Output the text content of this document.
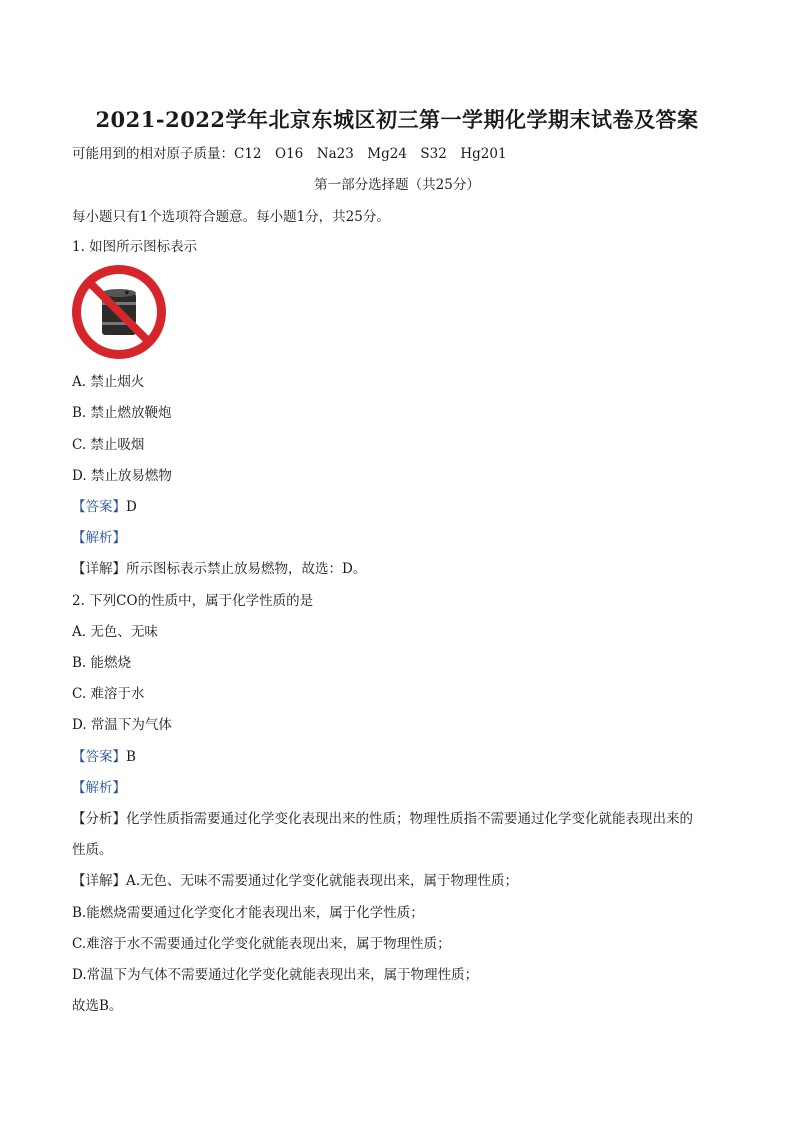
2021-2022学年北京东城区初三第一学期化学期末试卷及答案
可能用到的相对原子质量：C12　O16　Na23　Mg24　S32　Hg201
第一部分选择题（共25分）
每小题只有1个选项符合题意。每小题1分，共25分。
1. 如图所示图标表示
A. 禁止烟火
B. 禁止燃放鞭炮
C. 禁止吸烟
D. 禁止放易燃物
【答案】D
【解析】
【详解】所示图标表示禁止放易燃物，故选：D。
2. 下列CO的性质中，属于化学性质的是
A. 无色、无味
B. 能燃烧
C. 难溶于水
D. 常温下为气体
【答案】B
【解析】
【分析】化学性质指需要通过化学变化表现出来的性质；物理性质指不需要通过化学变化就能表现出来的
性质。
【详解】A.无色、无味不需要通过化学变化就能表现出来，属于物理性质；
B.能燃烧需要通过化学变化才能表现出来，属于化学性质；
C.难溶于水不需要通过化学变化就能表现出来，属于物理性质；
D.常温下为气体不需要通过化学变化就能表现出来，属于物理性质；
故选B。
